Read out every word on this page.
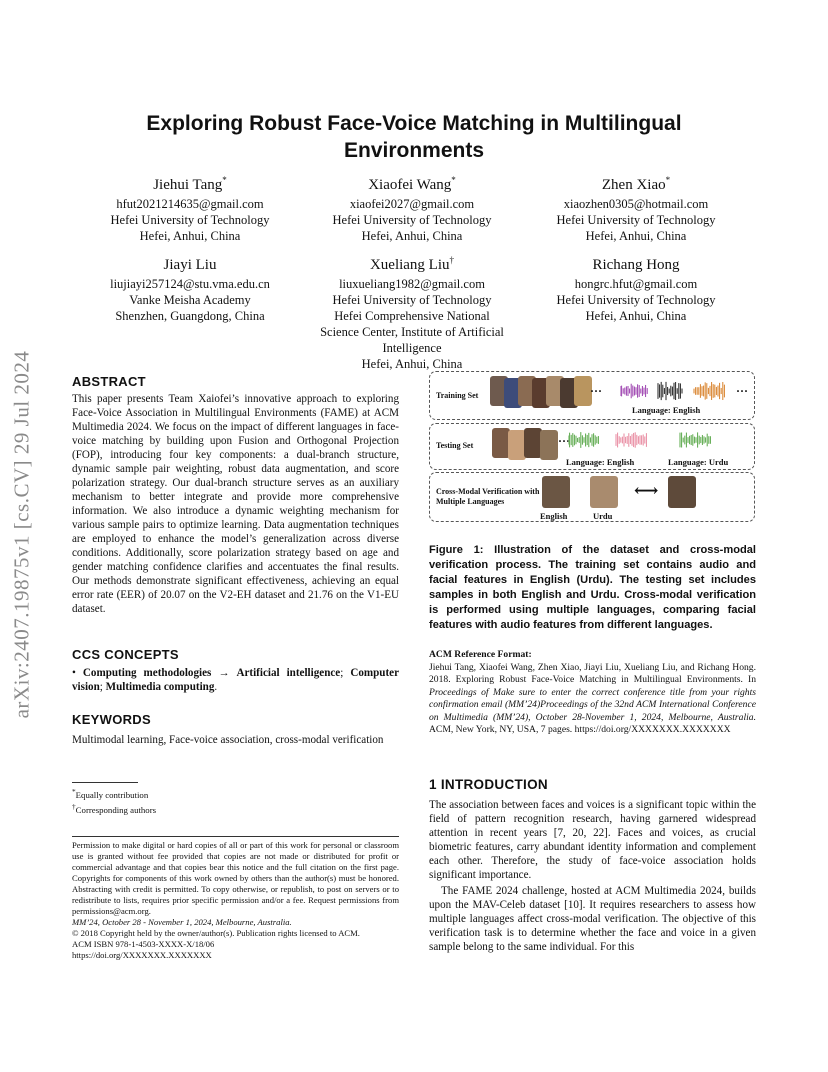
arXiv:2407.19875v1 [cs.CV] 29 Jul 2024
Exploring Robust Face-Voice Matching in Multilingual Environments
Jiehui Tang*
hfut2021214635@gmail.com
Hefei University of Technology
Hefei, Anhui, China
Xiaofei Wang*
xiaofei2027@gmail.com
Hefei University of Technology
Hefei, Anhui, China
Zhen Xiao*
xiaozhen0305@hotmail.com
Hefei University of Technology
Hefei, Anhui, China
Jiayi Liu
liujiayi257124@stu.vma.edu.cn
Vanke Meisha Academy
Shenzhen, Guangdong, China
Xueliang Liu†
liuxueliang1982@gmail.com
Hefei University of Technology
Hefei Comprehensive National
Science Center, Institute of Artificial
Intelligence
Hefei, Anhui, China
Richang Hong
hongrc.hfut@gmail.com
Hefei University of Technology
Hefei, Anhui, China
ABSTRACT
This paper presents Team Xaiofei’s innovative approach to exploring Face-Voice Association in Multilingual Environments (FAME) at ACM Multimedia 2024. We focus on the impact of different languages in face-voice matching by building upon Fusion and Orthogonal Projection (FOP), introducing four key components: a dual-branch structure, dynamic sample pair weighting, robust data augmentation, and score polarization strategy. Our dual-branch structure serves as an auxiliary mechanism to better integrate and provide more comprehensive information. We also introduce a dynamic weighting mechanism for various sample pairs to optimize learning. Data augmentation techniques are employed to enhance the model’s generalization across diverse conditions. Additionally, score polarization strategy based on age and gender matching confidence clarifies and accentuates the final results. Our methods demonstrate significant effectiveness, achieving an equal error rate (EER) of 20.07 on the V2-EH dataset and 21.76 on the V1-EU dataset.
CCS CONCEPTS
• Computing methodologies → Artificial intelligence; Computer vision; Multimedia computing.
KEYWORDS
Multimodal learning, Face-voice association, cross-modal verification
*Equally contribution
†Corresponding authors
Permission to make digital or hard copies of all or part of this work for personal or classroom use is granted without fee provided that copies are not made or distributed for profit or commercial advantage and that copies bear this notice and the full citation on the first page. Copyrights for components of this work owned by others than the author(s) must be honored. Abstracting with credit is permitted. To copy otherwise, or republish, to post on servers or to redistribute to lists, requires prior specific permission and/or a fee. Request permissions from permissions@acm.org.
MM’24, October 28 - November 1, 2024, Melbourne, Australia.
© 2018 Copyright held by the owner/author(s). Publication rights licensed to ACM.
ACM ISBN 978-1-4503-XXXX-X/18/06
https://doi.org/XXXXXXX.XXXXXXX
Training Set	···
Language: English
···
Testing Set	···
Language: English	Language: Urdu
Cross-Modal Verification with Multiple Languages
English	Urdu
⟷
Figure 1: Illustration of the dataset and cross-modal verification process. The training set contains audio and facial features in English (Urdu). The testing set includes samples in both English and Urdu. Cross-modal verification is performed using multiple languages, comparing facial features with audio features from different languages.
ACM Reference Format:
Jiehui Tang, Xiaofei Wang, Zhen Xiao, Jiayi Liu, Xueliang Liu, and Richang Hong. 2018. Exploring Robust Face-Voice Matching in Multilingual Environments. In Proceedings of Make sure to enter the correct conference title from your rights confirmation email (MM’24)Proceedings of the 32nd ACM International Conference on Multimedia (MM’24), October 28-November 1, 2024, Melbourne, Australia. ACM, New York, NY, USA, 7 pages. https://doi.org/XXXXXXX.XXXXXXX
1 INTRODUCTION
The association between faces and voices is a significant topic within the field of pattern recognition research, having garnered widespread attention in recent years [7, 20, 22]. Faces and voices, as crucial biometric features, carry abundant identity information and complement each other. Therefore, the study of face-voice association holds significant importance.
The FAME 2024 challenge, hosted at ACM Multimedia 2024, builds upon the MAV-Celeb dataset [10]. It requires researchers to assess how multiple languages affect cross-modal verification. The objective of this verification task is to determine whether the face and voice in a given sample belong to the same individual. For this
